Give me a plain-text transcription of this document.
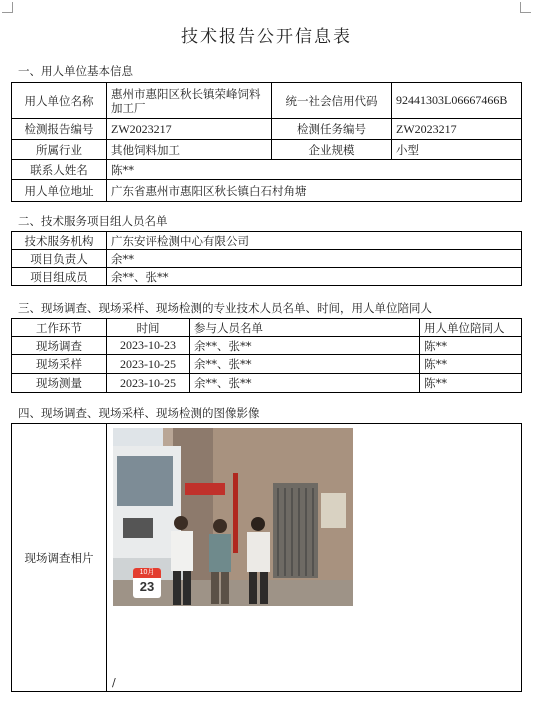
技术报告公开信息表
一、用人单位基本信息
用人单位名称	惠州市惠阳区秋长镇荣峰饲料加工厂	统一社会信用代码	92441303L06667466B
检测报告编号	ZW2023217	检测任务编号	ZW2023217
所属行业	其他饲料加工	企业规模	小型
联系人姓名	陈**		
用人单位地址	广东省惠州市惠阳区秋长镇白石村角塘		
二、技术服务项目组人员名单
技术服务机构	广东安评检测中心有限公司
项目负责人	余**
项目组成员	余**、张**
三、现场调查、现场采样、现场检测的专业技术人员名单、时间，用人单位陪同人
工作环节	时间	参与人员名单	用人单位陪同人
现场调查	2023-10-23	余**、张**	陈**
现场采样	2023-10-25	余**、张**	陈**
现场测量	2023-10-25	余**、张**	陈**
四、现场调查、现场采样、现场检测的图像影像
现场调查相片	
10月
23
/
